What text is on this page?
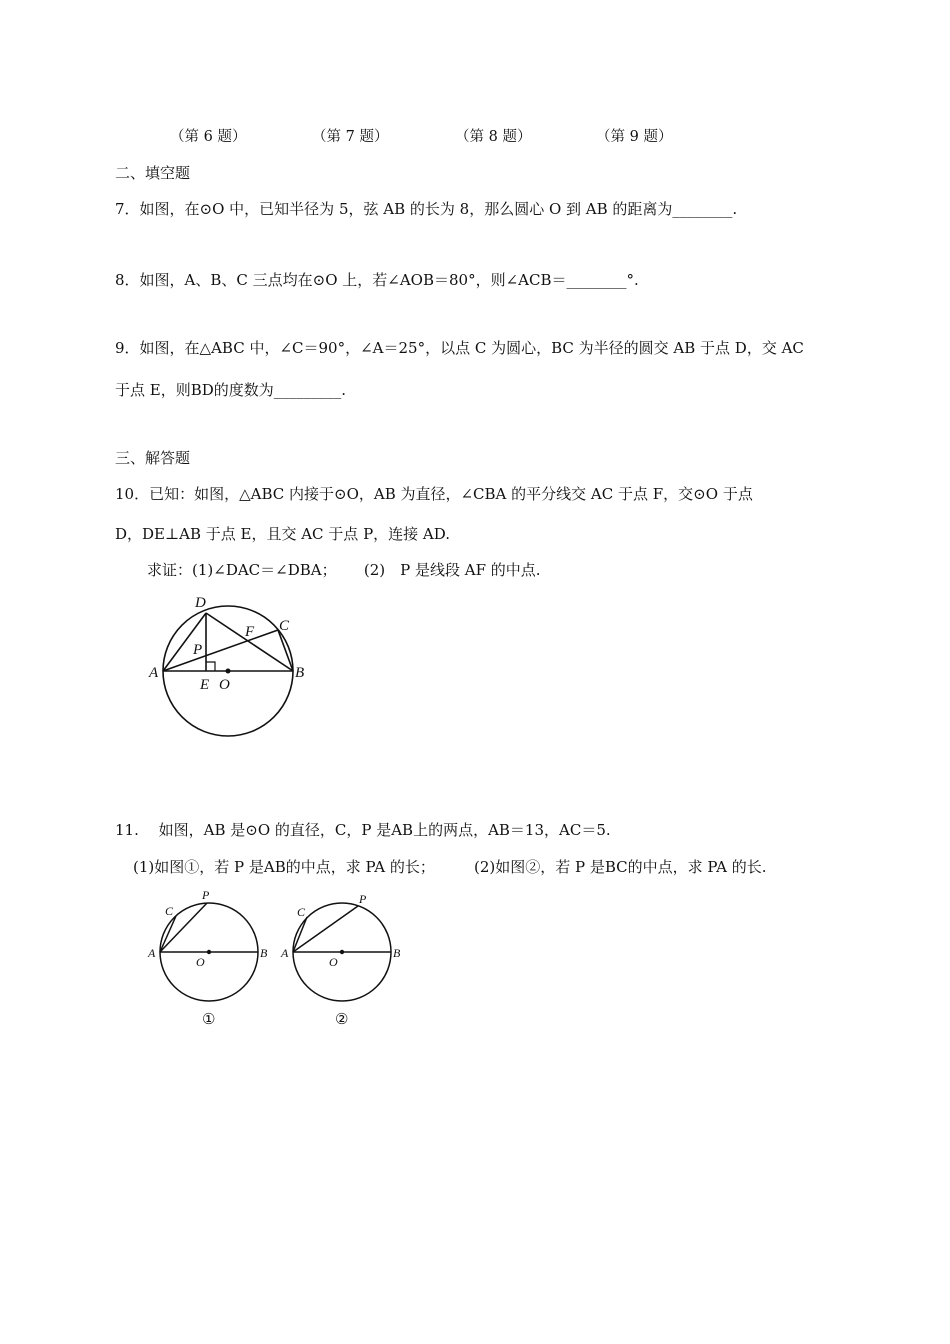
（第 6 题）	（第 7 题）	（第 8 题）	（第 9 题）
二、填空题
7．如图，在⊙O 中，已知半径为 5，弦 AB 的长为 8，那么圆心 O 到 AB 的距离为________.
8．如图，A、B、C 三点均在⊙O 上，若∠AOB＝80°，则∠ACB＝________°.
9．如图，在△ABC 中，∠C＝90°，∠A＝25°，以点 C 为圆心，BC 为半径的圆交 AB 于点 D，交 AC
于点 E，则BD的度数为_________.
三、解答题
10．已知：如图，△ABC 内接于⊙O，AB 为直径，∠CBA 的平分线交 AC 于点 F，交⊙O 于点
D，DE⊥AB 于点 E，且交 AC 于点 P，连接 AD.
求证：(1)∠DAC＝∠DBA；　　 (2)　P 是线段 AF 的中点.
D
C
F
P
A	B
E O
11.　 如图，AB 是⊙O 的直径，C，P 是AB上的两点，AB＝13，AC＝5.
(1)如图①，若 P 是AB的中点，求 PA 的长；	(2)如图②，若 P 是BC的中点，求 PA 的长.
P
C
A	B
O
①
P
C
A	B
O
②
